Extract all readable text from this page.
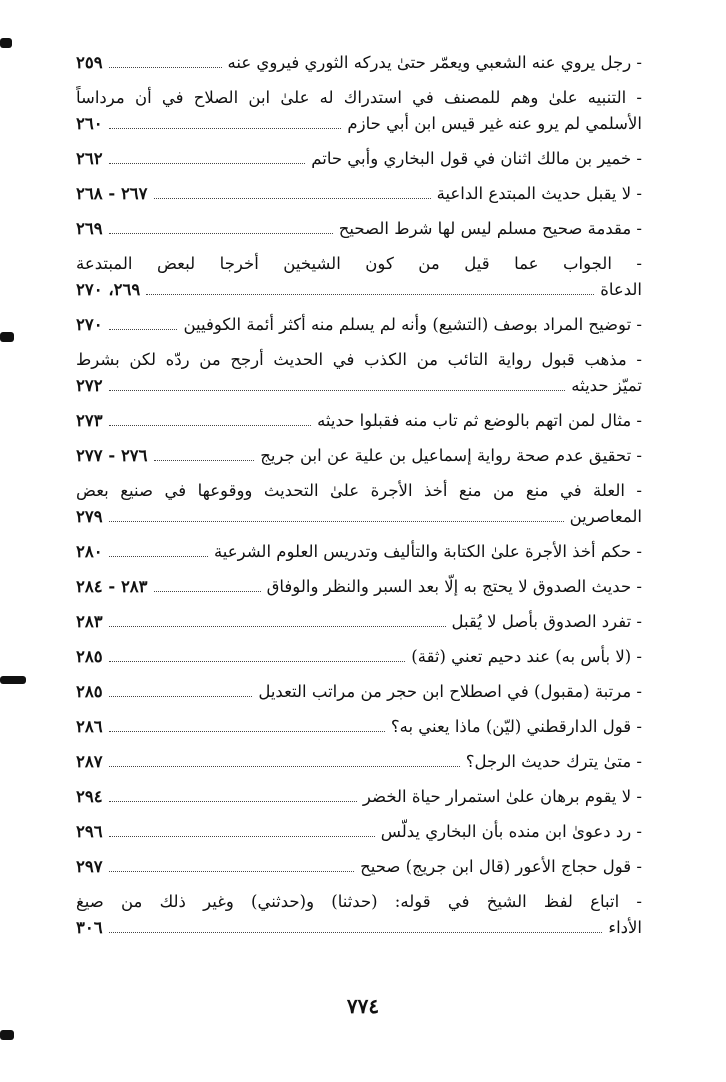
- رجل يروي عنه الشعبي ويعمّر حتىٰ يدركه الثوري فيروي عنه
٢٥٩
- التنبيه علىٰ وهم للمصنف في استدراك له علىٰ ابن الصلاح في أن مرداساً
الأسلمي لم يرو عنه غير قيس ابن أبي حازم
٢٦٠
- خمير بن مالك اثنان في قول البخاري وأبي حاتم
٢٦٢
- لا يقبل حديث المبتدع الداعية
٢٦٧ - ٢٦٨
- مقدمة صحيح مسلم ليس لها شرط الصحيح
٢٦٩
- الجواب عما قيل من كون الشيخين أخرجا لبعض المبتدعة
الدعاة
٢٦٩، ٢٧٠
- توضيح المراد بوصف (التشيع) وأنه لم يسلم منه أكثر أئمة الكوفيين
٢٧٠
- مذهب قبول رواية التائب من الكذب في الحديث أرجح من ردّه لكن بشرط
تميّز حديثه
٢٧٢
- مثال لمن اتهم بالوضع ثم تاب منه فقبلوا حديثه
٢٧٣
- تحقيق عدم صحة رواية إسماعيل بن علية عن ابن جريج
٢٧٦ - ٢٧٧
- العلة في منع من منع أخذ الأجرة علىٰ التحديث ووقوعها في صنيع بعض
المعاصرين
٢٧٩
- حكم أخذ الأجرة علىٰ الكتابة والتأليف وتدريس العلوم الشرعية
٢٨٠
- حديث الصدوق لا يحتج به إلّا بعد السبر والنظر والوفاق
٢٨٣ - ٢٨٤
- تفرد الصدوق بأصل لا يُقبل
٢٨٣
- (لا بأس به) عند دحيم تعني (ثقة)
٢٨٥
- مرتبة (مقبول) في اصطلاح ابن حجر من مراتب التعديل
٢٨٥
- قول الدارقطني (ليّن) ماذا يعني به؟
٢٨٦
- متىٰ يترك حديث الرجل؟
٢٨٧
- لا يقوم برهان علىٰ استمرار حياة الخضر
٢٩٤
- رد دعوىٰ ابن منده بأن البخاري يدلّس
٢٩٦
- قول حجاج الأعور (قال ابن جريج) صحيح
٢٩٧
- اتباع لفظ الشيخ في قوله: (حدثنا) و(حدثني) وغير ذلك من صيغ
الأداء
٣٠٦
٧٧٤
